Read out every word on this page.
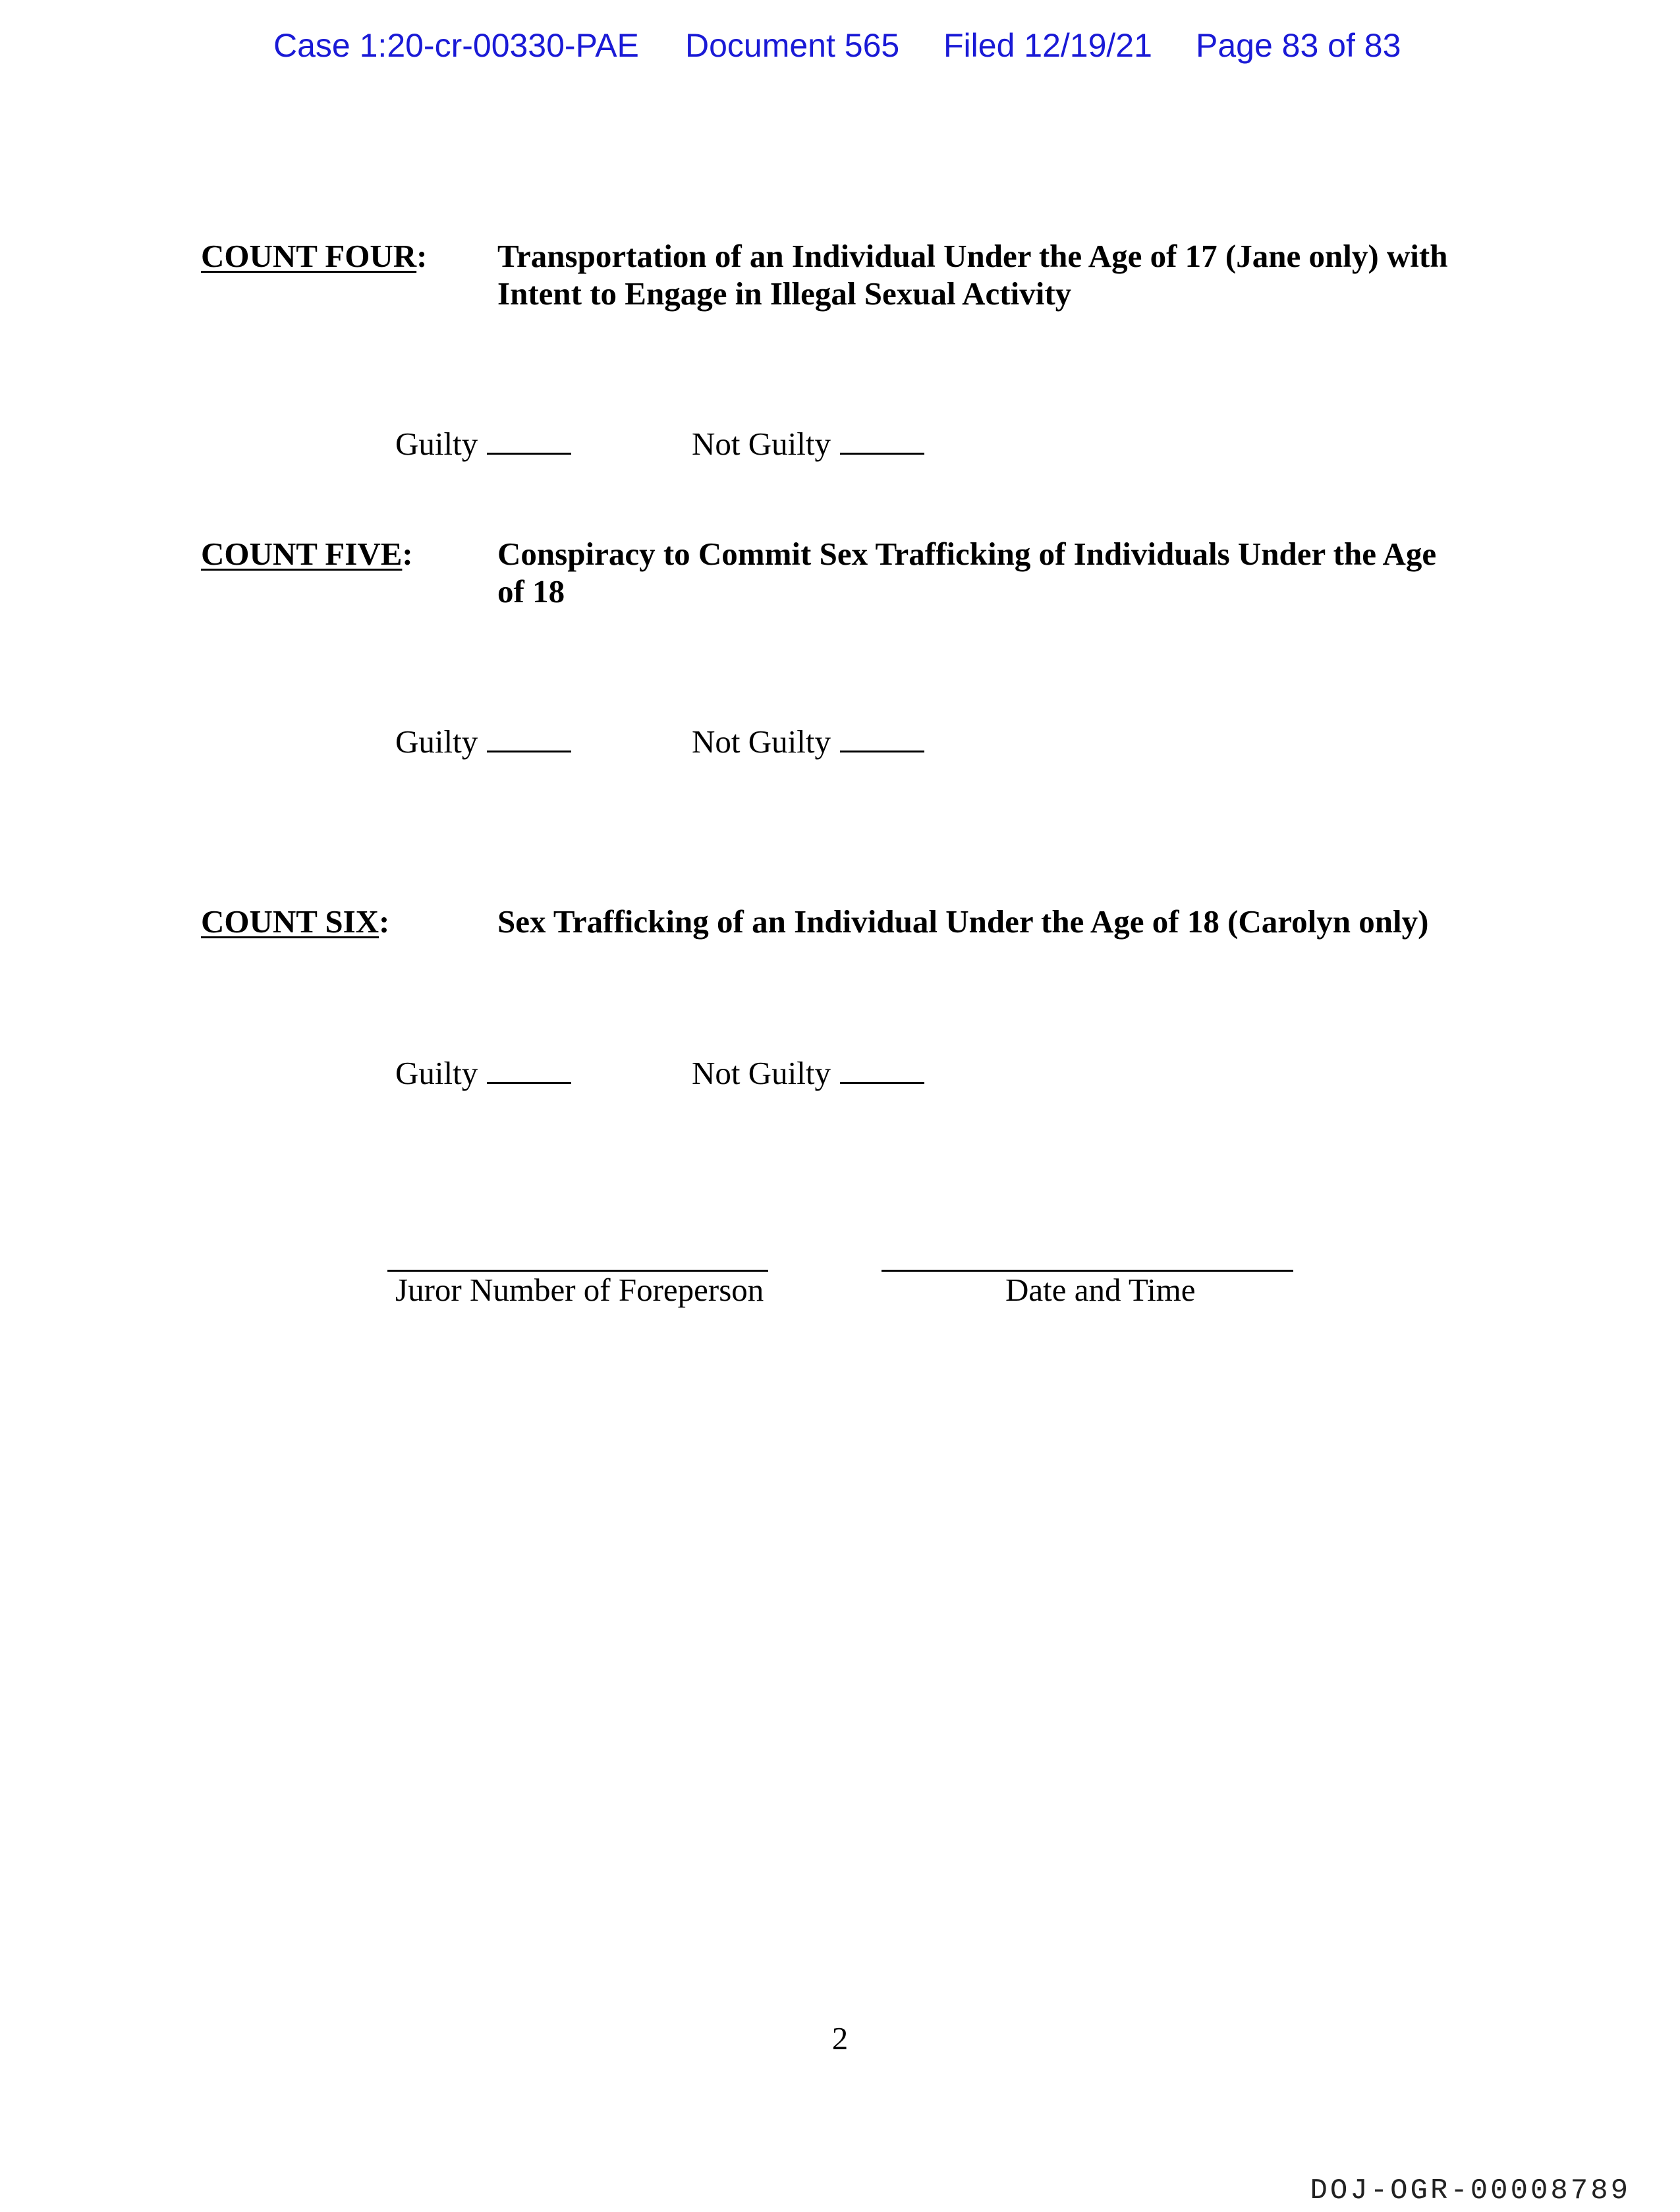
Case 1:20-cr-00330-PAE Document 565 Filed 12/19/21 Page 83 of 83
COUNT FOUR: Transportation of an Individual Under the Age of 17 (Jane only) with
Intent to Engage in Illegal Sexual Activity
Guilty	Not Guilty
COUNT FIVE:	Conspiracy to Commit Sex Trafficking of Individuals Under the Age
of 18
Guilty	Not Guilty
COUNT SIX:	Sex Trafficking of an Individual Under the Age of 18 (Carolyn only)
Guilty	Not Guilty
Juror Number of Foreperson	Date and Time
2
DOJ-OGR-00008789
